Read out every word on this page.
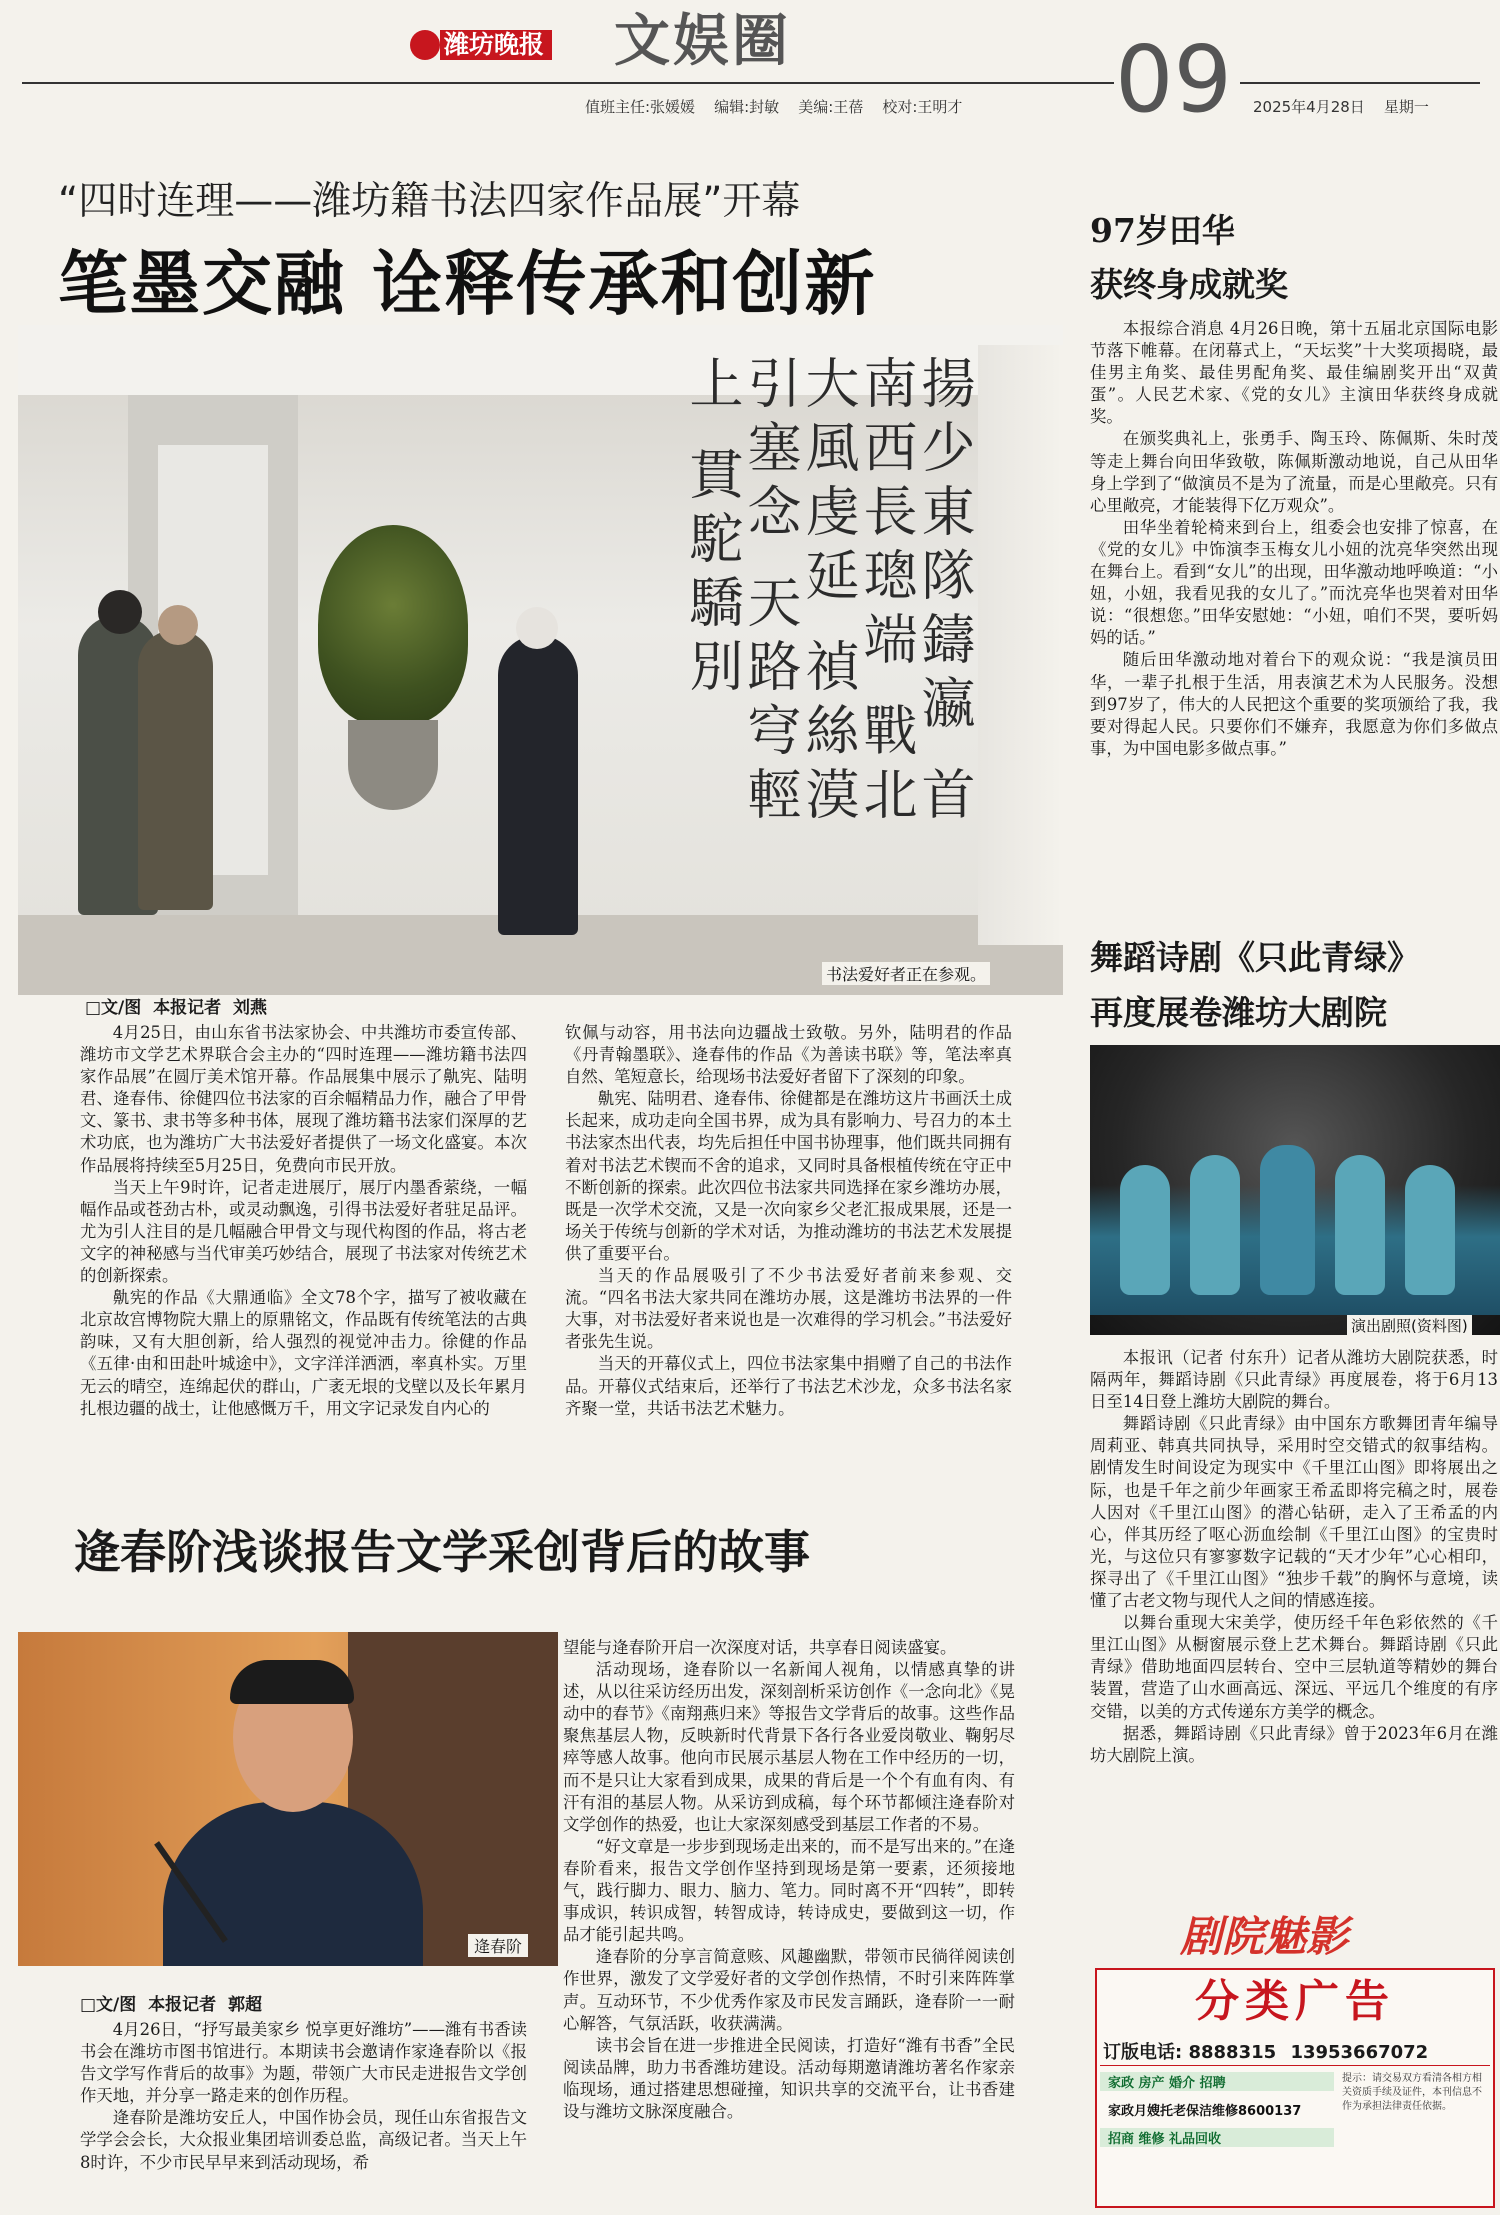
潍坊晚报 文娱圈
值班主任:张媛媛    编辑:封敏    美编:王蓓    校对:王明才 09 2025年4月28日    星期一
“四时连理——潍坊籍书法四家作品展”开幕
笔墨交融 诠释传承和创新
揚少東隊鑄瀛 首南西長璁端 戰北大風虔延 禎絲漠引塞念 天路穹輕上 貫駝驕別
书法爱好者正在参观。
□文/图  本报记者  刘燕

4月25日，由山东省书法家协会、中共潍坊市委宣传部、潍坊市文学艺术界联合会主办的“四时连理——潍坊籍书法四家作品展”在圆厅美术馆开幕。作品展集中展示了鼽宪、陆明君、逄春伟、徐健四位书法家的百余幅精品力作，融合了甲骨文、篆书、隶书等多种书体，展现了潍坊籍书法家们深厚的艺术功底，也为潍坊广大书法爱好者提供了一场文化盛宴。本次作品展将持续至5月25日，免费向市民开放。

当天上午9时许，记者走进展厅，展厅内墨香萦绕，一幅幅作品或苍劲古朴，或灵动飘逸，引得书法爱好者驻足品评。尤为引人注目的是几幅融合甲骨文与现代构图的作品，将古老文字的神秘感与当代审美巧妙结合，展现了书法家对传统艺术的创新探索。

鼽宪的作品《大鼎通临》全文78个字，描写了被收藏在北京故宫博物院大鼎上的原鼎铭文，作品既有传统笔法的古典韵味，又有大胆创新，给人强烈的视觉冲击力。徐健的作品《五律·由和田赴叶城途中》，文字洋洋洒洒，率真朴实。万里无云的晴空，连绵起伏的群山，广袤无垠的戈壁以及长年累月扎根边疆的战士，让他感慨万千，用文字记录发自内心的

钦佩与动容，用书法向边疆战士致敬。另外，陆明君的作品《丹青翰墨联》、逄春伟的作品《为善读书联》等，笔法率真自然、笔短意长，给现场书法爱好者留下了深刻的印象。

鼽宪、陆明君、逄春伟、徐健都是在潍坊这片书画沃土成长起来，成功走向全国书界，成为具有影响力、号召力的本土书法家杰出代表，均先后担任中国书协理事，他们既共同拥有着对书法艺术锲而不舍的追求，又同时具备根植传统在守正中不断创新的探索。此次四位书法家共同选择在家乡潍坊办展，既是一次学术交流，又是一次向家乡父老汇报成果展，还是一场关于传统与创新的学术对话，为推动潍坊的书法艺术发展提供了重要平台。

当天的作品展吸引了不少书法爱好者前来参观、交流。“四名书法大家共同在潍坊办展，这是潍坊书法界的一件大事，对书法爱好者来说也是一次难得的学习机会。”书法爱好者张先生说。

当天的开幕仪式上，四位书法家集中捐赠了自己的书法作品。开幕仪式结束后，还举行了书法艺术沙龙，众多书法名家齐聚一堂，共话书法艺术魅力。

逄春阶浅谈报告文学采创背后的故事
逄春阶
□文/图  本报记者  郭超

4月26日，“抒写最美家乡 悦享更好潍坊”——潍有书香读书会在潍坊市图书馆进行。本期读书会邀请作家逄春阶以《报告文学写作背后的故事》为题，带领广大市民走进报告文学创作天地，并分享一路走来的创作历程。

逄春阶是潍坊安丘人，中国作协会员，现任山东省报告文学学会会长，大众报业集团培训委总监，高级记者。当天上午8时许，不少市民早早来到活动现场，希

望能与逄春阶开启一次深度对话，共享春日阅读盛宴。

活动现场，逄春阶以一名新闻人视角，以情感真挚的讲述，从以往采访经历出发，深刻剖析采访创作《一念向北》《晃动中的春节》《南翔燕归来》等报告文学背后的故事。这些作品聚焦基层人物，反映新时代背景下各行各业爱岗敬业、鞠躬尽瘁等感人故事。他向市民展示基层人物在工作中经历的一切，而不是只让大家看到成果，成果的背后是一个个有血有肉、有汗有泪的基层人物。从采访到成稿，每个环节都倾注逄春阶对文学创作的热爱，也让大家深刻感受到基层工作者的不易。

“好文章是一步步到现场走出来的，而不是写出来的。”在逄春阶看来，报告文学创作坚持到现场是第一要素，还须接地气，践行脚力、眼力、脑力、笔力。同时离不开“四转”，即转事成识，转识成智，转智成诗，转诗成史，要做到这一切，作品才能引起共鸣。

逄春阶的分享言简意赅、风趣幽默，带领市民徜徉阅读创作世界，激发了文学爱好者的文学创作热情，不时引来阵阵掌声。互动环节，不少优秀作家及市民发言踊跃，逄春阶一一耐心解答，气氛活跃，收获满满。

读书会旨在进一步推进全民阅读，打造好“潍有书香”全民阅读品牌，助力书香潍坊建设。活动每期邀请潍坊著名作家亲临现场，通过搭建思想碰撞，知识共享的交流平台，让书香建设与潍坊文脉深度融合。

97岁田华
获终身成就奖

本报综合消息 4月26日晚，第十五届北京国际电影节落下帷幕。在闭幕式上，“天坛奖”十大奖项揭晓，最佳男主角奖、最佳男配角奖、最佳编剧奖开出“双黄蛋”。人民艺术家、《党的女儿》主演田华获终身成就奖。

在颁奖典礼上，张勇手、陶玉玲、陈佩斯、朱时茂等走上舞台向田华致敬，陈佩斯激动地说，自己从田华身上学到了“做演员不是为了流量，而是心里敞亮。只有心里敞亮，才能装得下亿万观众”。

田华坐着轮椅来到台上，组委会也安排了惊喜，在《党的女儿》中饰演李玉梅女儿小妞的沈亮华突然出现在舞台上。看到“女儿”的出现，田华激动地呼唤道：“小妞，小妞，我看见我的女儿了。”而沈亮华也哭着对田华说：“很想您。”田华安慰她：“小妞，咱们不哭，要听妈妈的话。”

随后田华激动地对着台下的观众说：“我是演员田华，一辈子扎根于生活，用表演艺术为人民服务。没想到97岁了，伟大的人民把这个重要的奖项颁给了我，我要对得起人民。只要你们不嫌弃，我愿意为你们多做点事，为中国电影多做点事。”

舞蹈诗剧《只此青绿》
再度展卷潍坊大剧院
演出剧照(资料图)

本报讯（记者 付东升）记者从潍坊大剧院获悉，时隔两年，舞蹈诗剧《只此青绿》再度展卷，将于6月13日至14日登上潍坊大剧院的舞台。

舞蹈诗剧《只此青绿》由中国东方歌舞团青年编导周莉亚、韩真共同执导，采用时空交错式的叙事结构。剧情发生时间设定为现实中《千里江山图》即将展出之际，也是千年之前少年画家王希孟即将完稿之时，展卷人因对《千里江山图》的潜心钻研，走入了王希孟的内心，伴其历经了呕心沥血绘制《千里江山图》的宝贵时光，与这位只有寥寥数字记载的“天才少年”心心相印，探寻出了《千里江山图》“独步千载”的胸怀与意境，读懂了古老文物与现代人之间的情感连接。

以舞台重现大宋美学，使历经千年色彩依然的《千里江山图》从橱窗展示登上艺术舞台。舞蹈诗剧《只此青绿》借助地面四层转台、空中三层轨道等精妙的舞台装置，营造了山水画高远、深远、平远几个维度的有序交错，以美的方式传递东方美学的概念。

据悉，舞蹈诗剧《只此青绿》曾于2023年6月在潍坊大剧院上演。

剧院魅影
分类广告
订版电话: 8888315 13953667072
家政 房产 婚介 招聘
家政月嫂托老保洁维修8600137
招商 维修 礼品回收
提示：请交易双方看清各相方相关资质手续及证件，本刊信息不作为承担法律责任依据。
